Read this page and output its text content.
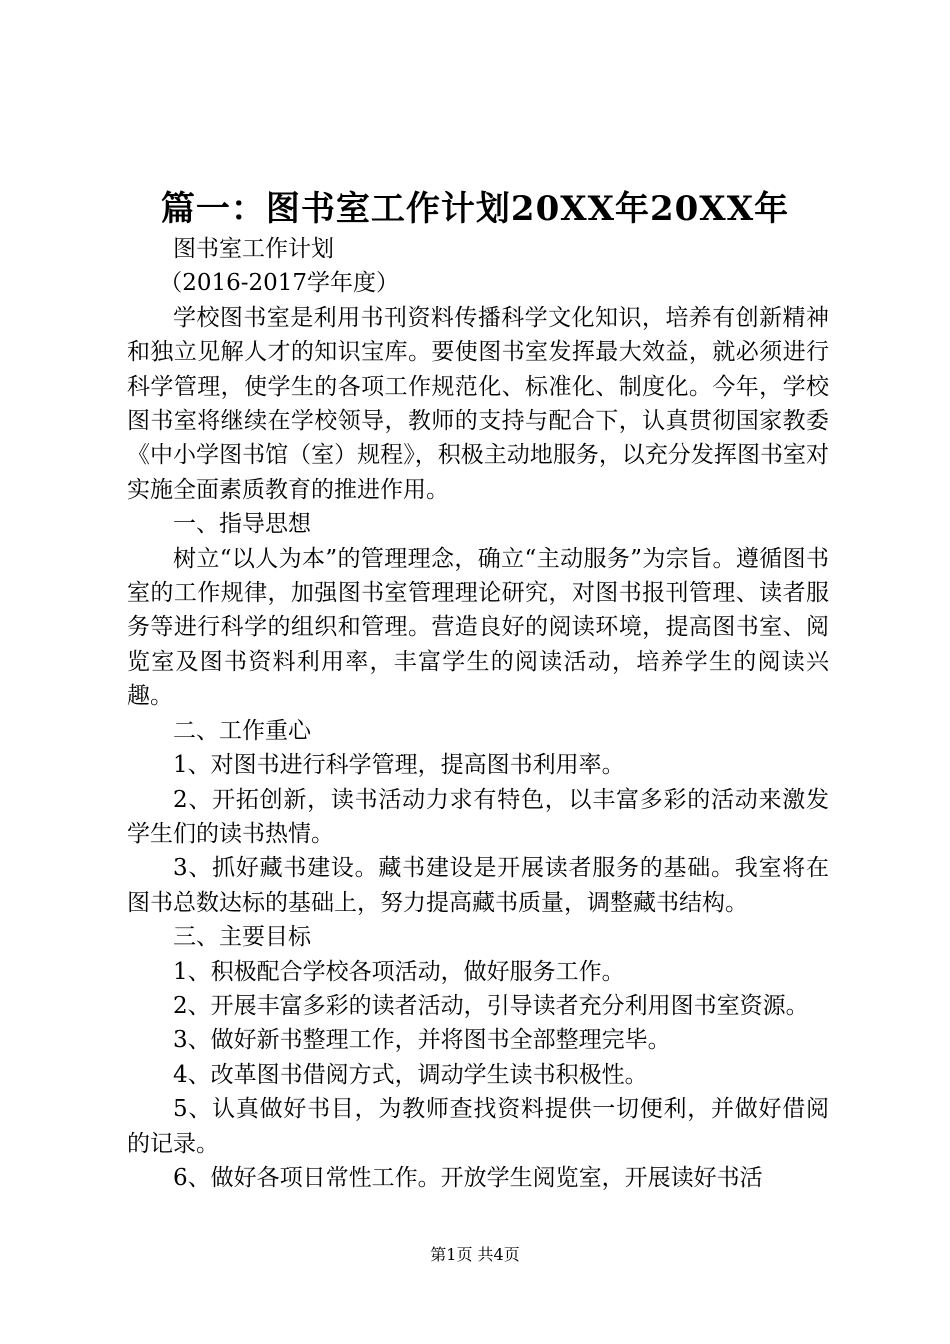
篇一：图书室工作计划20XX年20XX年

图书室工作计划

（2016-2017学年度）

学校图书室是利用书刊资料传播科学文化知识，培养有创新精神和独立见解人才的知识宝库。要使图书室发挥最大效益，就必须进行科学管理，使学生的各项工作规范化、标准化、制度化。今年，学校图书室将继续在学校领导，教师的支持与配合下，认真贯彻国家教委《中小学图书馆（室）规程》，积极主动地服务，以充分发挥图书室对实施全面素质教育的推进作用。

一、指导思想

树立“以人为本”的管理理念，确立“主动服务”为宗旨。遵循图书室的工作规律，加强图书室管理理论研究，对图书报刊管理、读者服务等进行科学的组织和管理。营造良好的阅读环境，提高图书室、阅览室及图书资料利用率，丰富学生的阅读活动，培养学生的阅读兴趣。

二、工作重心

1、对图书进行科学管理，提高图书利用率。

2、开拓创新，读书活动力求有特色，以丰富多彩的活动来激发学生们的读书热情。

3、抓好藏书建设。藏书建设是开展读者服务的基础。我室将在图书总数达标的基础上，努力提高藏书质量，调整藏书结构。

三、主要目标

1、积极配合学校各项活动，做好服务工作。

2、开展丰富多彩的读者活动，引导读者充分利用图书室资源。

3、做好新书整理工作，并将图书全部整理完毕。

4、改革图书借阅方式，调动学生读书积极性。

5、认真做好书目，为教师查找资料提供一切便利，并做好借阅的记录。

6、做好各项日常性工作。开放学生阅览室，开展读好书活

第1页 共4页
